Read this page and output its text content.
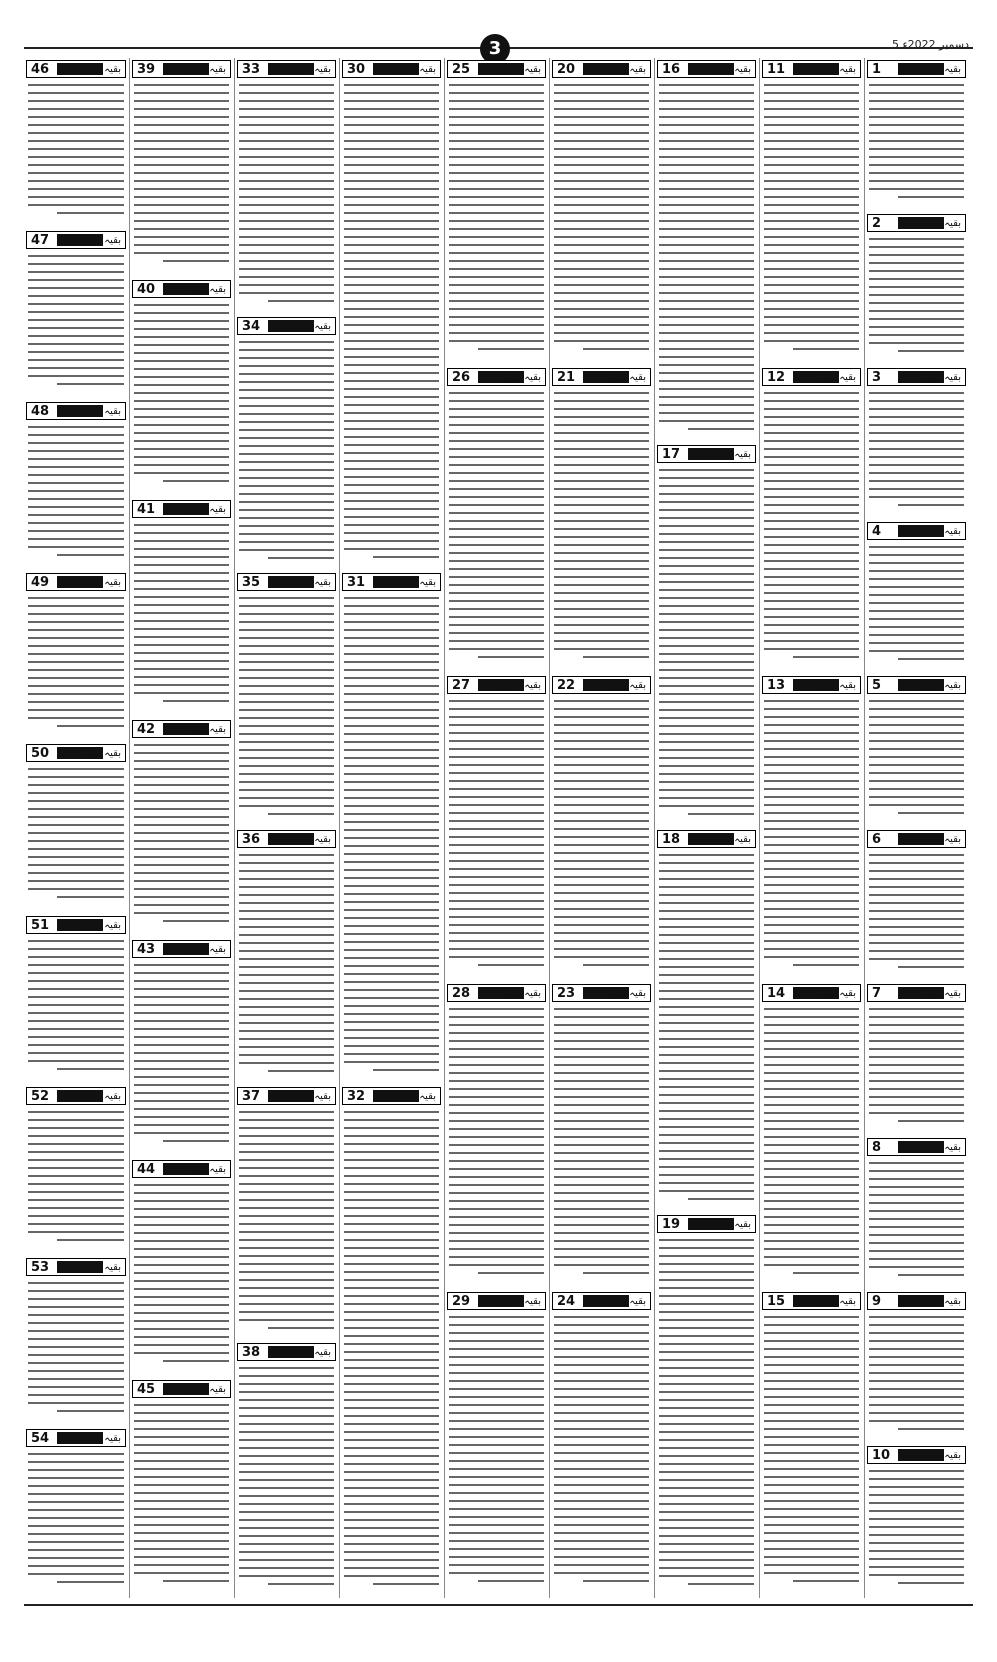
3	5 دسمبر 2022ء
46	بقیہ نمبر
47	بقیہ نمبر
48	بقیہ نمبر
49	بقیہ نمبر
50	بقیہ نمبر
51	بقیہ نمبر
52	بقیہ نمبر
53	بقیہ نمبر
54	بقیہ نمبر
39	بقیہ نمبر
40	بقیہ نمبر
41	بقیہ نمبر
42	بقیہ نمبر
43	بقیہ نمبر
44	بقیہ نمبر
45	بقیہ نمبر
33	بقیہ نمبر
34	بقیہ نمبر
35	بقیہ نمبر
36	بقیہ نمبر
37	بقیہ نمبر
38	بقیہ نمبر
30	بقیہ نمبر
31	بقیہ نمبر
32	بقیہ نمبر
25	بقیہ نمبر
26	بقیہ نمبر
27	بقیہ نمبر
28	بقیہ نمبر
29	بقیہ نمبر
20	بقیہ نمبر
21	بقیہ نمبر
22	بقیہ نمبر
23	بقیہ نمبر
24	بقیہ نمبر
16	بقیہ نمبر
17	بقیہ نمبر
18	بقیہ نمبر
19	بقیہ نمبر
11	بقیہ نمبر
12	بقیہ نمبر
13	بقیہ نمبر
14	بقیہ نمبر
15	بقیہ نمبر
1	بقیہ نمبر
2	بقیہ نمبر
3	بقیہ نمبر
4	بقیہ نمبر
5	بقیہ نمبر
6	بقیہ نمبر
7	بقیہ نمبر
8	بقیہ نمبر
9	بقیہ نمبر
10	بقیہ نمبر
